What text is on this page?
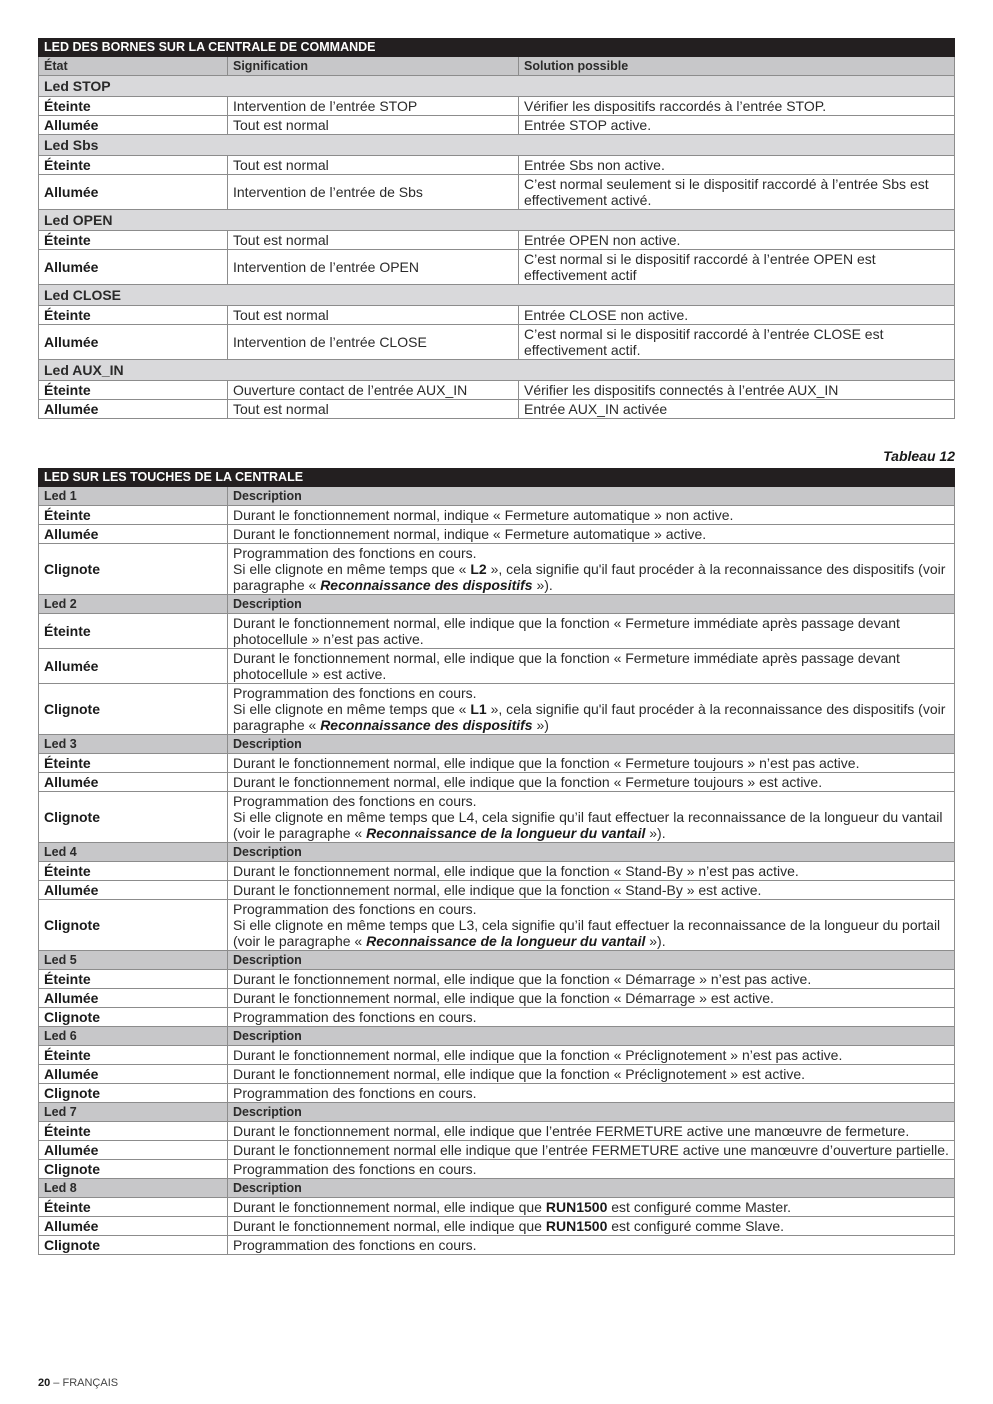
LED DES BORNES SUR LA CENTRALE DE COMMANDE		
État	Signification	Solution possible
Led STOP		
Éteinte	Intervention de l’entrée STOP	Vérifier les dispositifs raccordés à l’entrée STOP.
Allumée	Tout est normal	Entrée STOP active.
Led Sbs		
Éteinte	Tout est normal	Entrée Sbs non active.
Allumée	Intervention de l’entrée de Sbs	C’est normal seulement si le dispositif raccordé à l’entrée Sbs est effectivement activé.
Led OPEN		
Éteinte	Tout est normal	Entrée OPEN non active.
Allumée	Intervention de l’entrée OPEN	C’est normal si le dispositif raccordé à l’entrée OPEN est effectivement actif
Led CLOSE		
Éteinte	Tout est normal	Entrée CLOSE non active.
Allumée	Intervention de l’entrée CLOSE	C’est normal si le dispositif raccordé à l’entrée CLOSE est effectivement actif.
Led AUX_IN		
Éteinte	Ouverture contact de l’entrée AUX_IN	Vérifier les dispositifs connectés à l’entrée AUX_IN
Allumée	Tout est normal	Entrée AUX_IN activée
Tableau 12
LED SUR LES TOUCHES DE LA CENTRALE	
Led 1	Description
Éteinte	Durant le fonctionnement normal, indique « Fermeture automatique » non active.
Allumée	Durant le fonctionnement normal, indique « Fermeture automatique » active.
Clignote	Programmation des fonctions en cours.
Si elle clignote en même temps que « L2 », cela signifie qu'il faut procéder à la reconnaissance des dispositifs (voir paragraphe « Reconnaissance des dispositifs »).
Led 2	Description
Éteinte	Durant le fonctionnement normal, elle indique que la fonction « Fermeture immédiate après passage devant photocellule » n’est pas active.
Allumée	Durant le fonctionnement normal, elle indique que la fonction « Fermeture immédiate après passage devant photocellule » est active.
Clignote	Programmation des fonctions en cours.
Si elle clignote en même temps que « L1 », cela signifie qu'il faut procéder à la reconnaissance des dispositifs (voir paragraphe « Reconnaissance des dispositifs »)
Led 3	Description
Éteinte	Durant le fonctionnement normal, elle indique que la fonction « Fermeture toujours » n’est pas active.
Allumée	Durant le fonctionnement normal, elle indique que la fonction « Fermeture toujours » est active.
Clignote	Programmation des fonctions en cours.
Si elle clignote en même temps que L4, cela signifie qu’il faut effectuer la reconnaissance de la longueur du vantail (voir le paragraphe « Reconnaissance de la longueur du vantail »).
Led 4	Description
Éteinte	Durant le fonctionnement normal, elle indique que la fonction « Stand-By » n’est pas active.
Allumée	Durant le fonctionnement normal, elle indique que la fonction « Stand-By » est active.
Clignote	Programmation des fonctions en cours.
Si elle clignote en même temps que L3, cela signifie qu’il faut effectuer la reconnaissance de la longueur du portail (voir le paragraphe « Reconnaissance de la longueur du vantail »).
Led 5	Description
Éteinte	Durant le fonctionnement normal, elle indique que la fonction « Démarrage » n’est pas active.
Allumée	Durant le fonctionnement normal, elle indique que la fonction « Démarrage » est active.
Clignote	Programmation des fonctions en cours.
Led 6	Description
Éteinte	Durant le fonctionnement normal, elle indique que la fonction « Préclignotement » n’est pas active.
Allumée	Durant le fonctionnement normal, elle indique que la fonction « Préclignotement » est active.
Clignote	Programmation des fonctions en cours.
Led 7	Description
Éteinte	Durant le fonctionnement normal, elle indique que l’entrée FERMETURE active une manœuvre de fermeture.
Allumée	Durant le fonctionnement normal elle indique que l’entrée FERMETURE active une manœuvre d’ouverture partielle.
Clignote	Programmation des fonctions en cours.
Led 8	Description
Éteinte	Durant le fonctionnement normal, elle indique que RUN1500 est configuré comme Master.
Allumée	Durant le fonctionnement normal, elle indique que RUN1500 est configuré comme Slave.
Clignote	Programmation des fonctions en cours.
20 – FRANÇAIS
